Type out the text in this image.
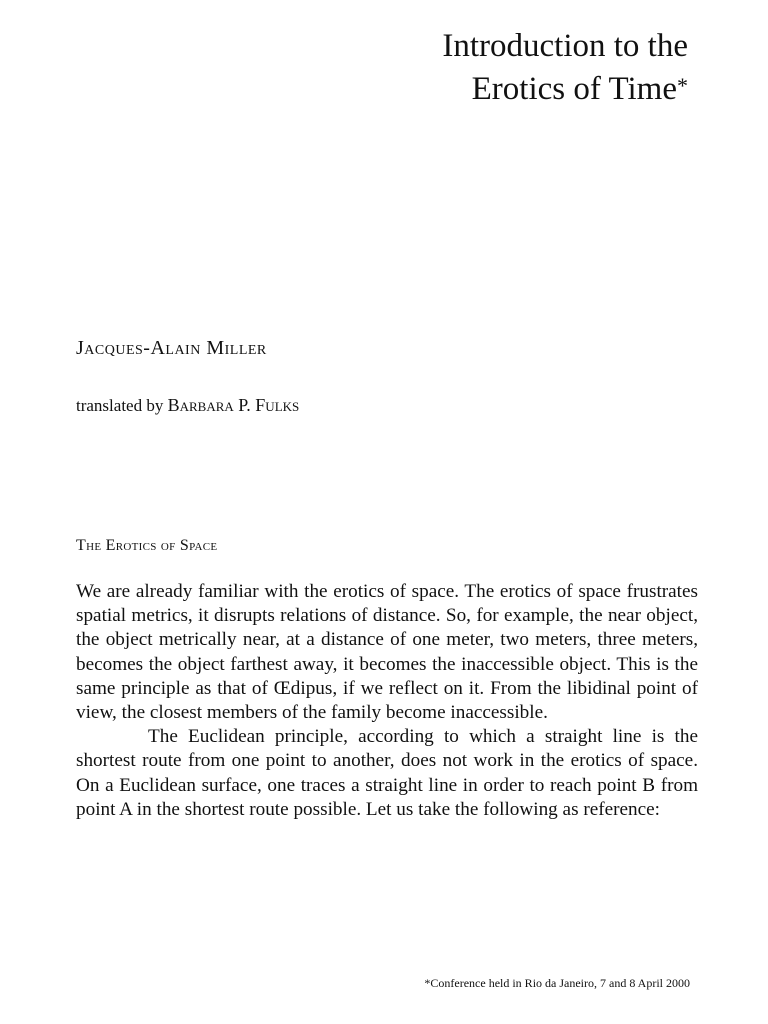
Introduction to the
Erotics of Time*
Jacques-Alain Miller
translated by Barbara P. Fulks
The Erotics of Space

We are already familiar with the erotics of space. The erotics of space frustrates spatial metrics, it disrupts relations of distance. So, for example, the near object, the object metrically near, at a distance of one meter, two meters, three meters, becomes the object farthest away, it becomes the inaccessible object. This is the same principle as that of Œdipus, if we reflect on it. From the libidinal point of view, the closest members of the family become inaccessible.

The Euclidean principle, according to which a straight line is the shortest route from one point to another, does not work in the erotics of space. On a Euclidean surface, one traces a straight line in order to reach point B from point A in the shortest route possible. Let us take the following as reference:

*Conference held in Rio da Janeiro, 7 and 8 April 2000
